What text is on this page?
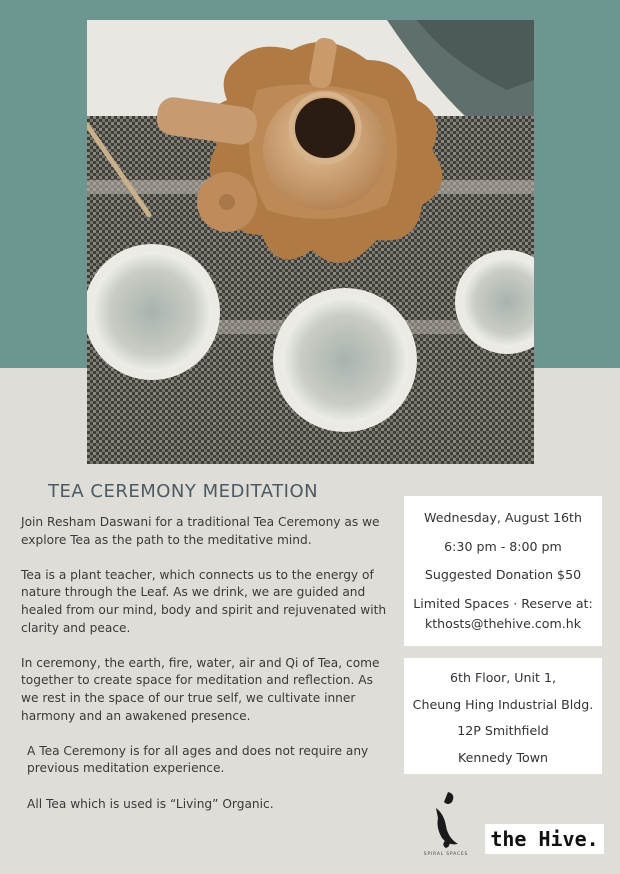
TEA CEREMONY MEDITATION

Join Resham Daswani for a traditional Tea Ceremony as we explore Tea as the path to the meditative mind.

Tea is a plant teacher, which connects us to the energy of nature through the Leaf. As we drink, we are guided and healed from our mind, body and spirit and rejuvenated with clarity and peace.

In ceremony, the earth, fire, water, air and Qi of Tea, come together to create space for meditation and reflection. As we rest in the space of our true self, we cultivate inner harmony and an awakened presence.

A Tea Ceremony is for all ages and does not require any previous meditation experience.

All Tea which is used is “Living” Organic.

Wednesday, August 16th
6:30 pm - 8:00 pm
Suggested Donation $50
Limited Spaces · Reserve at:
kthosts@thehive.com.hk
6th Floor, Unit 1,
Cheung Hing Industrial Bldg.
12P Smithfield
Kennedy Town
SPIRAL SPACES
the Hive.
